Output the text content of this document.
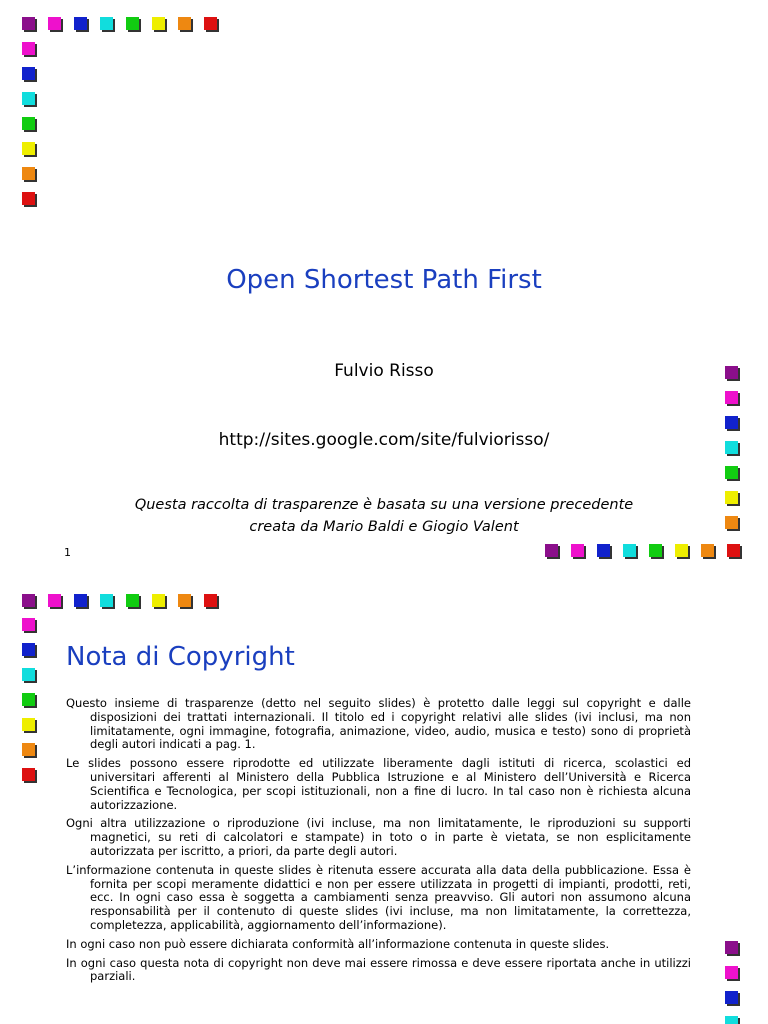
Open Shortest Path First
Fulvio Risso
http://sites.google.com/site/fulviorisso/
Questa raccolta di trasparenze è basata su una versione precedente
creata da Mario Baldi e Giogio Valent
1
Nota di Copyright

Questo insieme di trasparenze (detto nel seguito slides) è protetto dalle leggi sul copyright e dalle disposizioni dei trattati internazionali. Il titolo ed i copyright relativi alle slides (ivi inclusi, ma non limitatamente, ogni immagine, fotografia, animazione, video, audio, musica e testo) sono di proprietà degli autori indicati a pag. 1.

Le slides possono essere riprodotte ed utilizzate liberamente dagli istituti di ricerca, scolastici ed universitari afferenti al Ministero della Pubblica Istruzione e al Ministero dell’Università e Ricerca Scientifica e Tecnologica, per scopi istituzionali, non a fine di lucro. In tal caso non è richiesta alcuna autorizzazione.

Ogni altra utilizzazione o riproduzione (ivi incluse, ma non limitatamente, le riproduzioni su supporti magnetici, su reti di calcolatori e stampate) in toto o in parte è vietata, se non esplicitamente autorizzata per iscritto, a priori, da parte degli autori.

L’informazione contenuta in queste slides è ritenuta essere accurata alla data della pubblicazione. Essa è fornita per scopi meramente didattici e non per essere utilizzata in progetti di impianti, prodotti, reti, ecc. In ogni caso essa è soggetta a cambiamenti senza preavviso. Gli autori non assumono alcuna responsabilità per il contenuto di queste slides (ivi incluse, ma non limitatamente, la correttezza, completezza, applicabilità, aggiornamento dell’informazione).

In ogni caso non può essere dichiarata conformità all’informazione contenuta in queste slides.

In ogni caso questa nota di copyright non deve mai essere rimossa e deve essere riportata anche in utilizzi parziali.
